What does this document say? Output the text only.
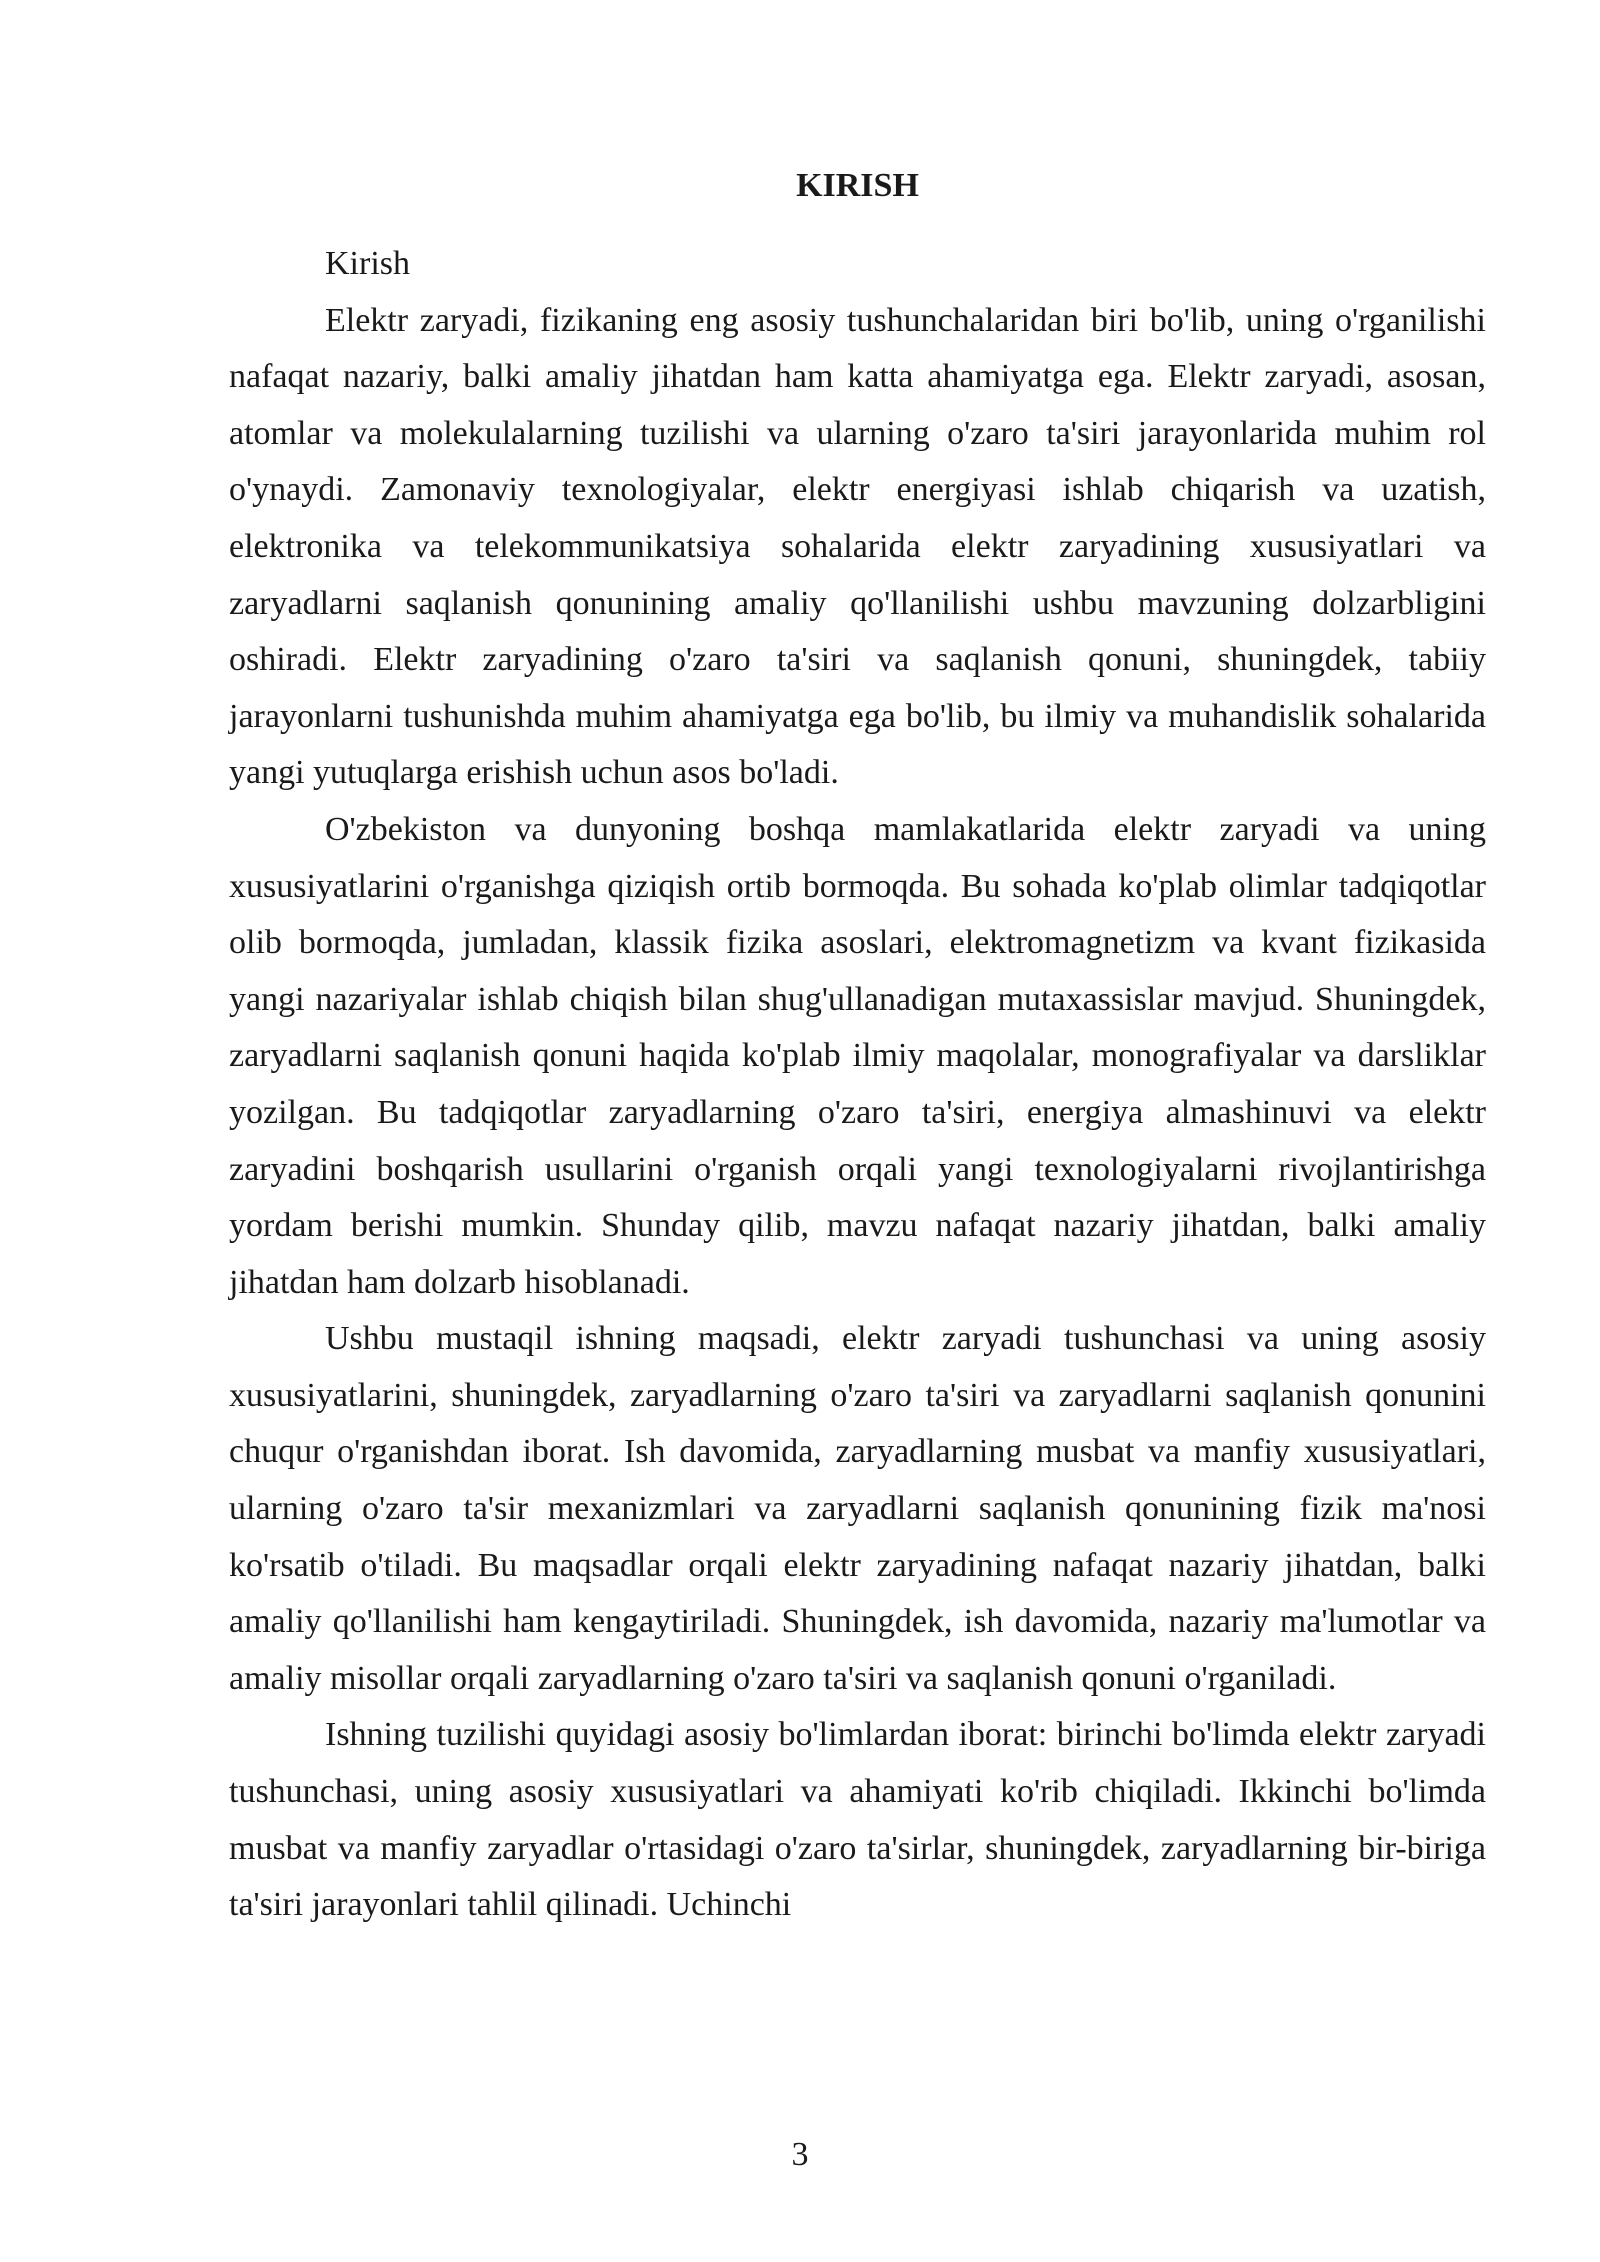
KIRISH

Kirish

Elektr zaryadi, fizikaning eng asosiy tushunchalaridan biri bo'lib, uning o'rganilishi nafaqat nazariy, balki amaliy jihatdan ham katta ahamiyatga ega. Elektr zaryadi, asosan, atomlar va molekulalarning tuzilishi va ularning o'zaro ta'siri jarayonlarida muhim rol o'ynaydi. Zamonaviy texnologiyalar, elektr energiyasi ishlab chiqarish va uzatish, elektronika va telekommunikatsiya sohalarida elektr zaryadining xususiyatlari va zaryadlarni saqlanish qonunining amaliy qo'llanilishi ushbu mavzuning dolzarbligini oshiradi. Elektr zaryadining o'zaro ta'siri va saqlanish qonuni, shuningdek, tabiiy jarayonlarni tushunishda muhim ahamiyatga ega bo'lib, bu ilmiy va muhandislik sohalarida yangi yutuqlarga erishish uchun asos bo'ladi.

O'zbekiston va dunyoning boshqa mamlakatlarida elektr zaryadi va uning xususiyatlarini o'rganishga qiziqish ortib bormoqda. Bu sohada ko'plab olimlar tadqiqotlar olib bormoqda, jumladan, klassik fizika asoslari, elektromagnetizm va kvant fizikasida yangi nazariyalar ishlab chiqish bilan shug'ullanadigan mutaxassislar mavjud. Shuningdek, zaryadlarni saqlanish qonuni haqida ko'plab ilmiy maqolalar, monografiyalar va darsliklar yozilgan. Bu tadqiqotlar zaryadlarning o'zaro ta'siri, energiya almashinuvi va elektr zaryadini boshqarish usullarini o'rganish orqali yangi texnologiyalarni rivojlantirishga yordam berishi mumkin. Shunday qilib, mavzu nafaqat nazariy jihatdan, balki amaliy jihatdan ham dolzarb hisoblanadi.

Ushbu mustaqil ishning maqsadi, elektr zaryadi tushunchasi va uning asosiy xususiyatlarini, shuningdek, zaryadlarning o'zaro ta'siri va zaryadlarni saqlanish qonunini chuqur o'rganishdan iborat. Ish davomida, zaryadlarning musbat va manfiy xususiyatlari, ularning o'zaro ta'sir mexanizmlari va zaryadlarni saqlanish qonunining fizik ma'nosi ko'rsatib o'tiladi. Bu maqsadlar orqali elektr zaryadining nafaqat nazariy jihatdan, balki amaliy qo'llanilishi ham kengaytiriladi. Shuningdek, ish davomida, nazariy ma'lumotlar va amaliy misollar orqali zaryadlarning o'zaro ta'siri va saqlanish qonuni o'rganiladi.

Ishning tuzilishi quyidagi asosiy bo'limlardan iborat: birinchi bo'limda elektr zaryadi tushunchasi, uning asosiy xususiyatlari va ahamiyati ko'rib chiqiladi. Ikkinchi bo'limda musbat va manfiy zaryadlar o'rtasidagi o'zaro ta'sirlar, shuningdek, zaryadlarning bir-biriga ta'siri jarayonlari tahlil qilinadi. Uchinchi

3
